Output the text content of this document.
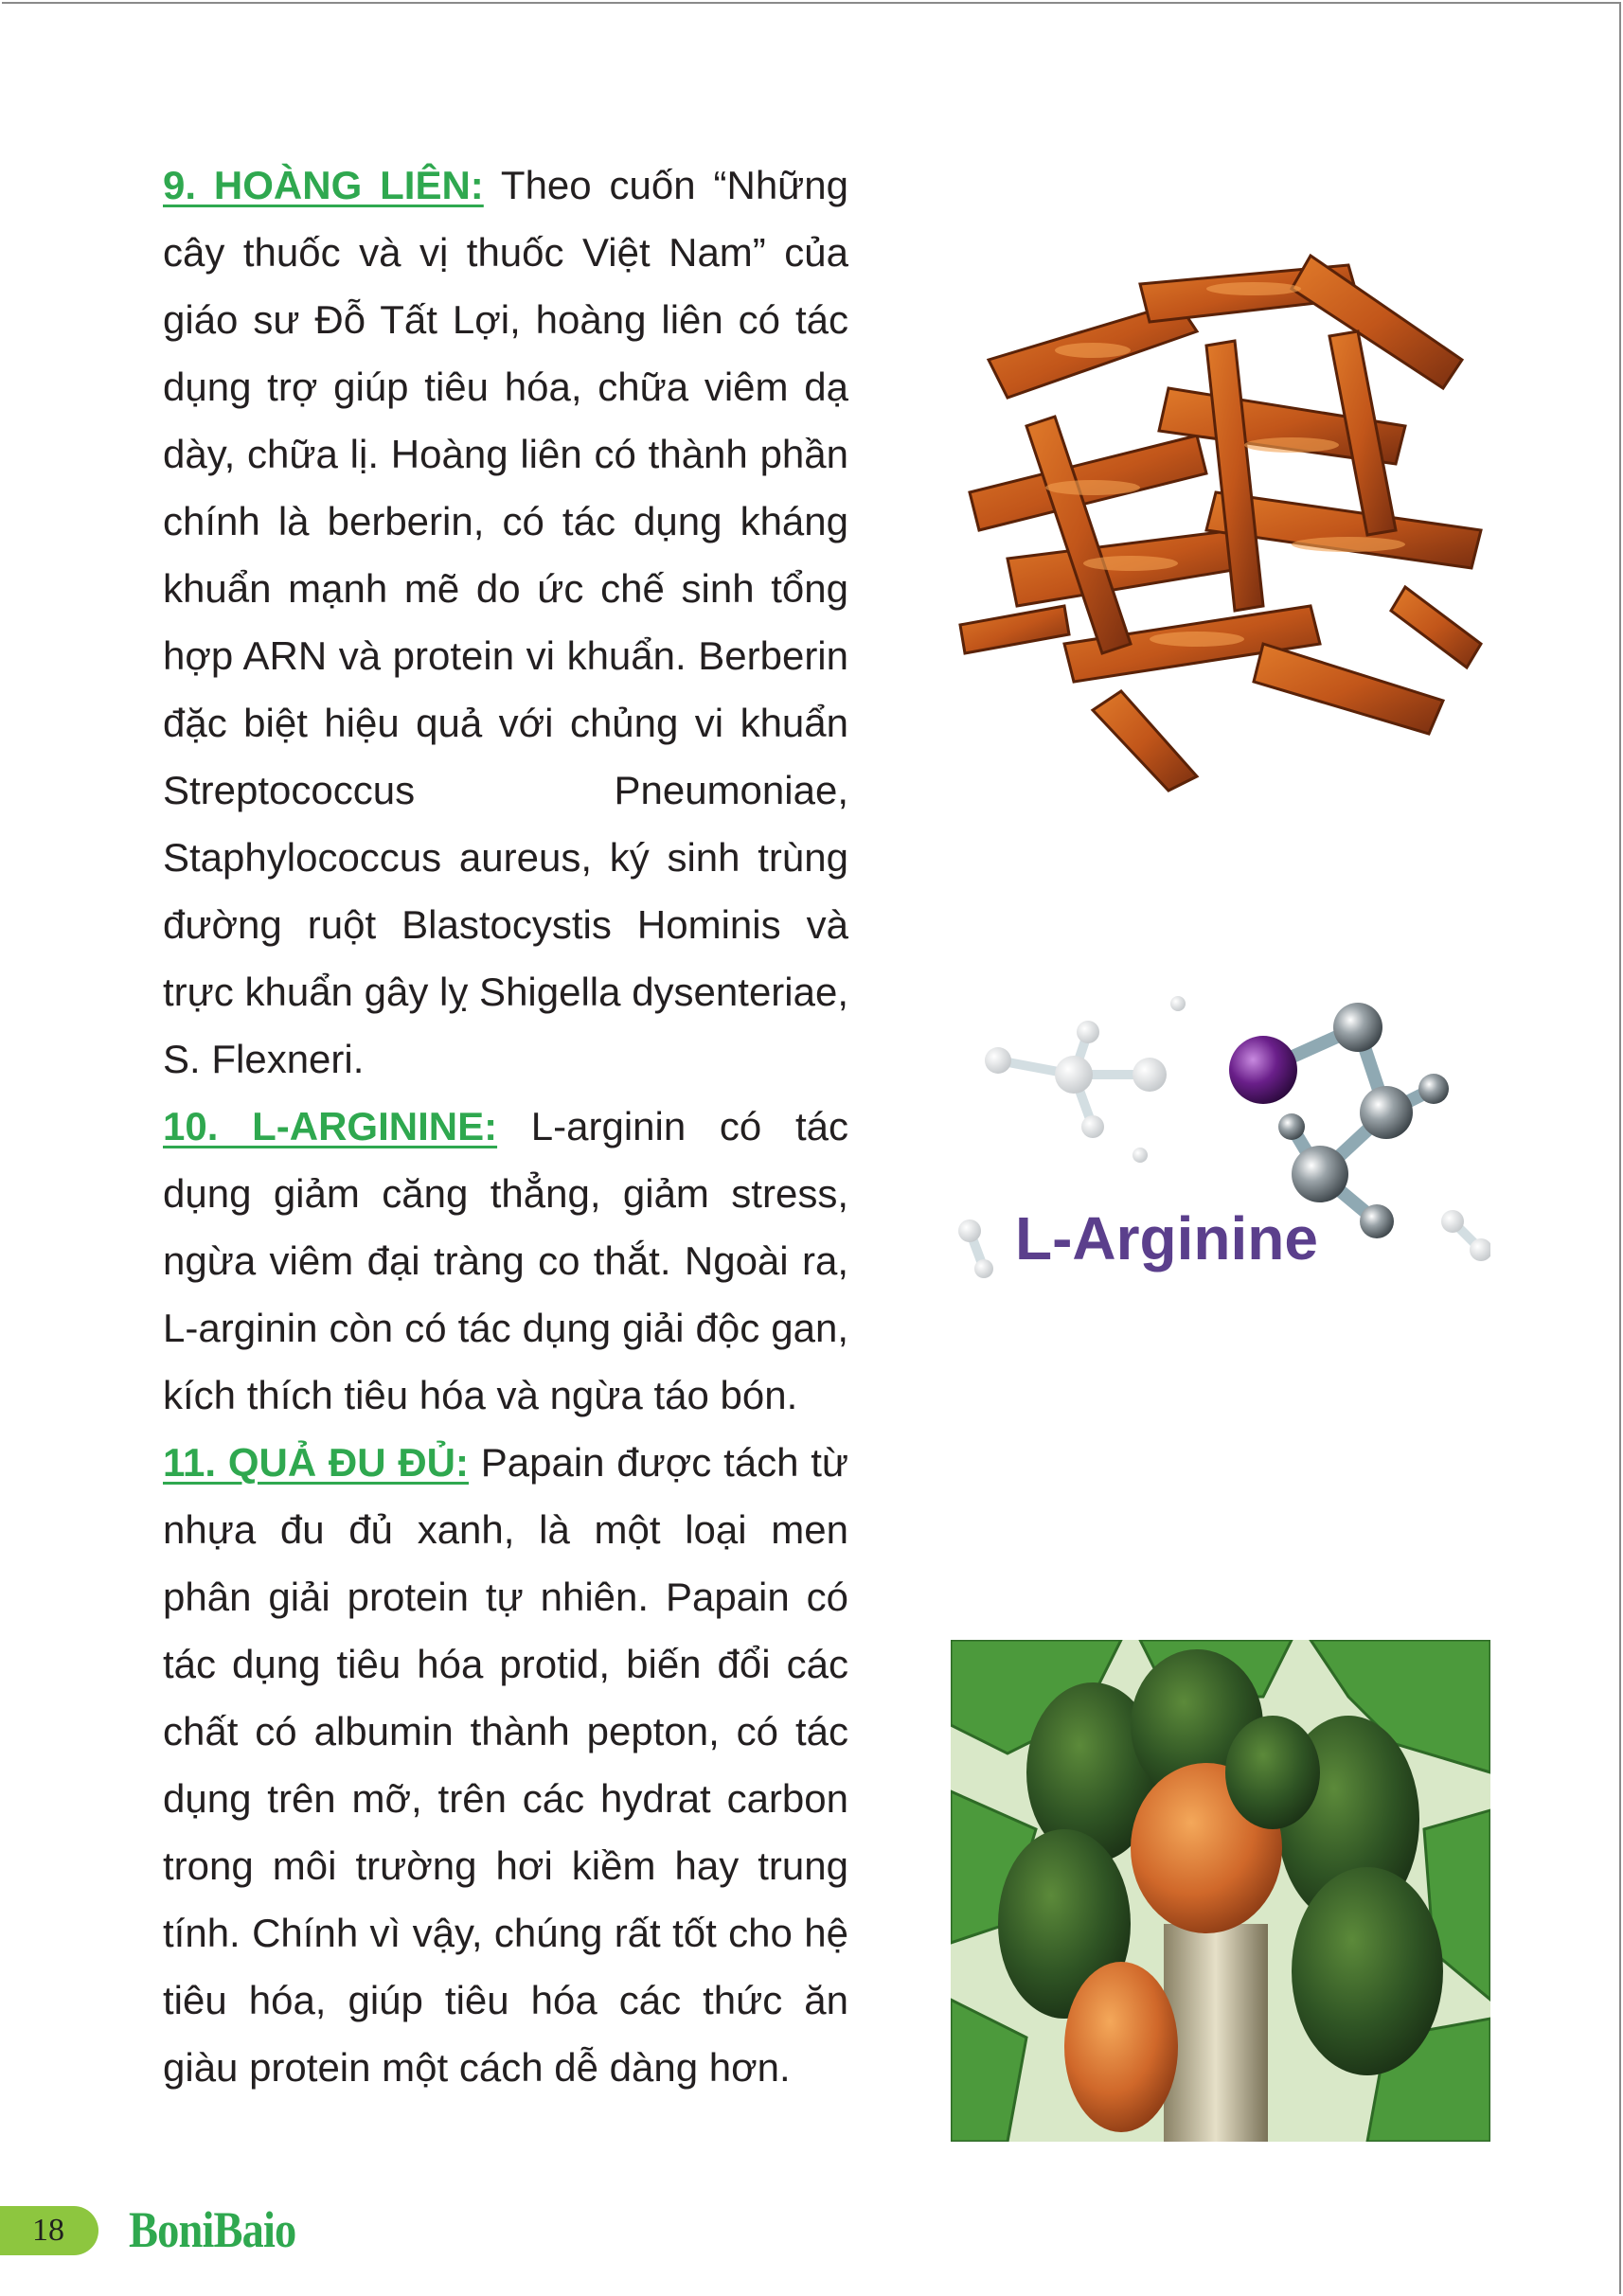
9. HOÀNG LIÊN: Theo cuốn “Những cây thuốc và vị thuốc Việt Nam” của giáo sư Đỗ Tất Lợi, hoàng liên có tác dụng trợ giúp tiêu hóa, chữa viêm dạ dày, chữa lị. Hoàng liên có thành phần chính là berberin, có tác dụng kháng khuẩn mạnh mẽ do ức chế sinh tổng hợp ARN và protein vi khuẩn. Berberin đặc biệt hiệu quả với chủng vi khuẩn Streptococcus Pneumoniae, Staphylococcus aureus, ký sinh trùng đường ruột Blastocystis Hominis và trực khuẩn gây lỵ Shigella dysenteriae, S. Flexneri.

10. L-ARGININE: L-arginin có tác dụng giảm căng thẳng, giảm stress, ngừa viêm đại tràng co thắt. Ngoài ra, L-arginin còn có tác dụng giải độc gan, kích thích tiêu hóa và ngừa táo bón.

11. QUẢ ĐU ĐỦ: Papain được tách từ nhựa đu đủ xanh, là một loại men phân giải protein tự nhiên. Papain có tác dụng tiêu hóa protid, biến đổi các chất có albumin thành pepton, có tác dụng trên mỡ, trên các hydrat carbon trong môi trường hơi kiềm hay trung tính. Chính vì vậy, chúng rất tốt cho hệ tiêu hóa, giúp tiêu hóa các thức ăn giàu protein một cách dễ dàng hơn.

L-Arginine
18	BoniBaio
